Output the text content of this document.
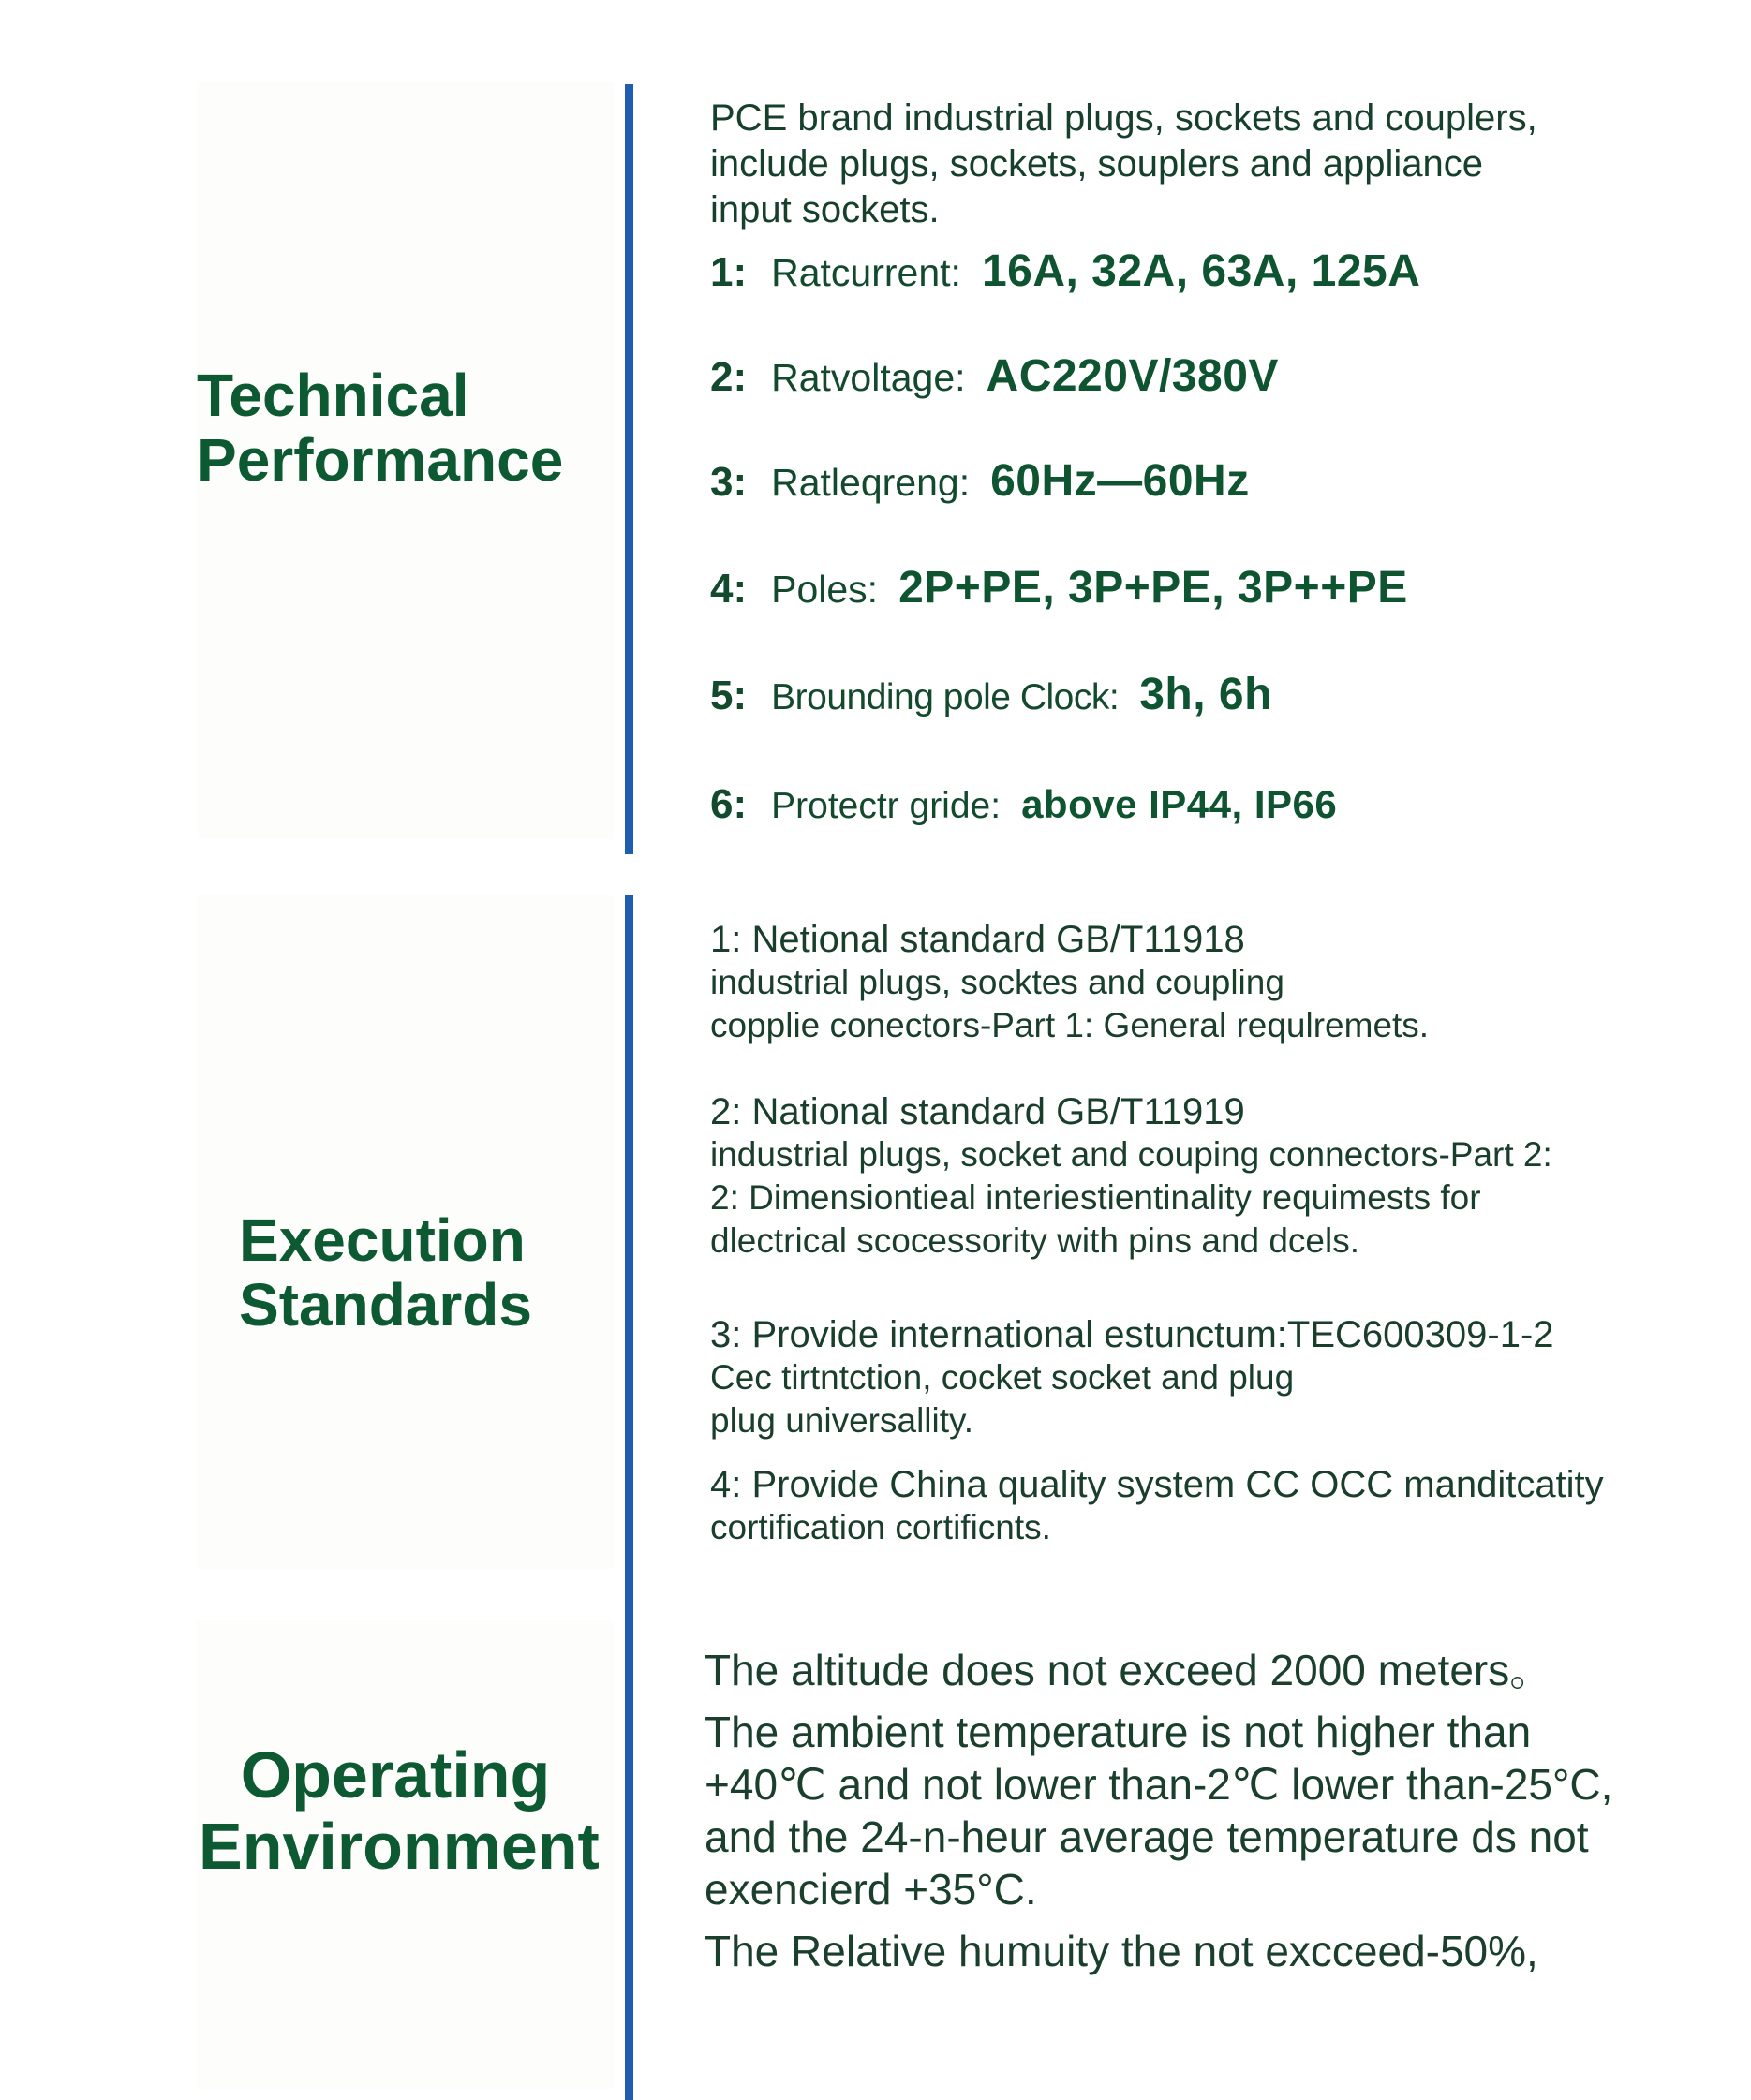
Technical
Performance
PCE brand industrial plugs, sockets and couplers,
include plugs, sockets, souplers and appliance
input sockets.
1: Ratcurrent: 16A, 32A, 63A, 125A
2: Ratvoltage: AC220V/380V
3: Ratleqreng: 60Hz—60Hz
4: Poles: 2P+PE, 3P+PE, 3P++PE
5: Brounding pole Clock: 3h, 6h
6: Protectr gride: above IP44, IP66
Execution
Standards
1: Netional standard GB/T11918
industrial plugs, socktes and coupling
copplie conectors-Part 1: General requlremets.
2: National standard GB/T11919
industrial plugs, socket and couping connectors-Part 2:
2: Dimensiontieal interiestientinality requimests for
dlectrical scocessority with pins and dcels.
3: Provide international estunctum:TEC600309-1-2
Cec tirtntction, cocket socket and plug
plug universallity.
4: Provide China quality system CC OCC manditcatity
cortification cortificnts.
Operating
Environment
The altitude does not exceed 2000 meters。
The ambient temperature is not higher than
+40℃ and not lower than-2℃ lower than-25°C,
and the 24-n-heur average temperature ds not
exencierd +35°C.
The Relative humuity the not excceed-50%,
